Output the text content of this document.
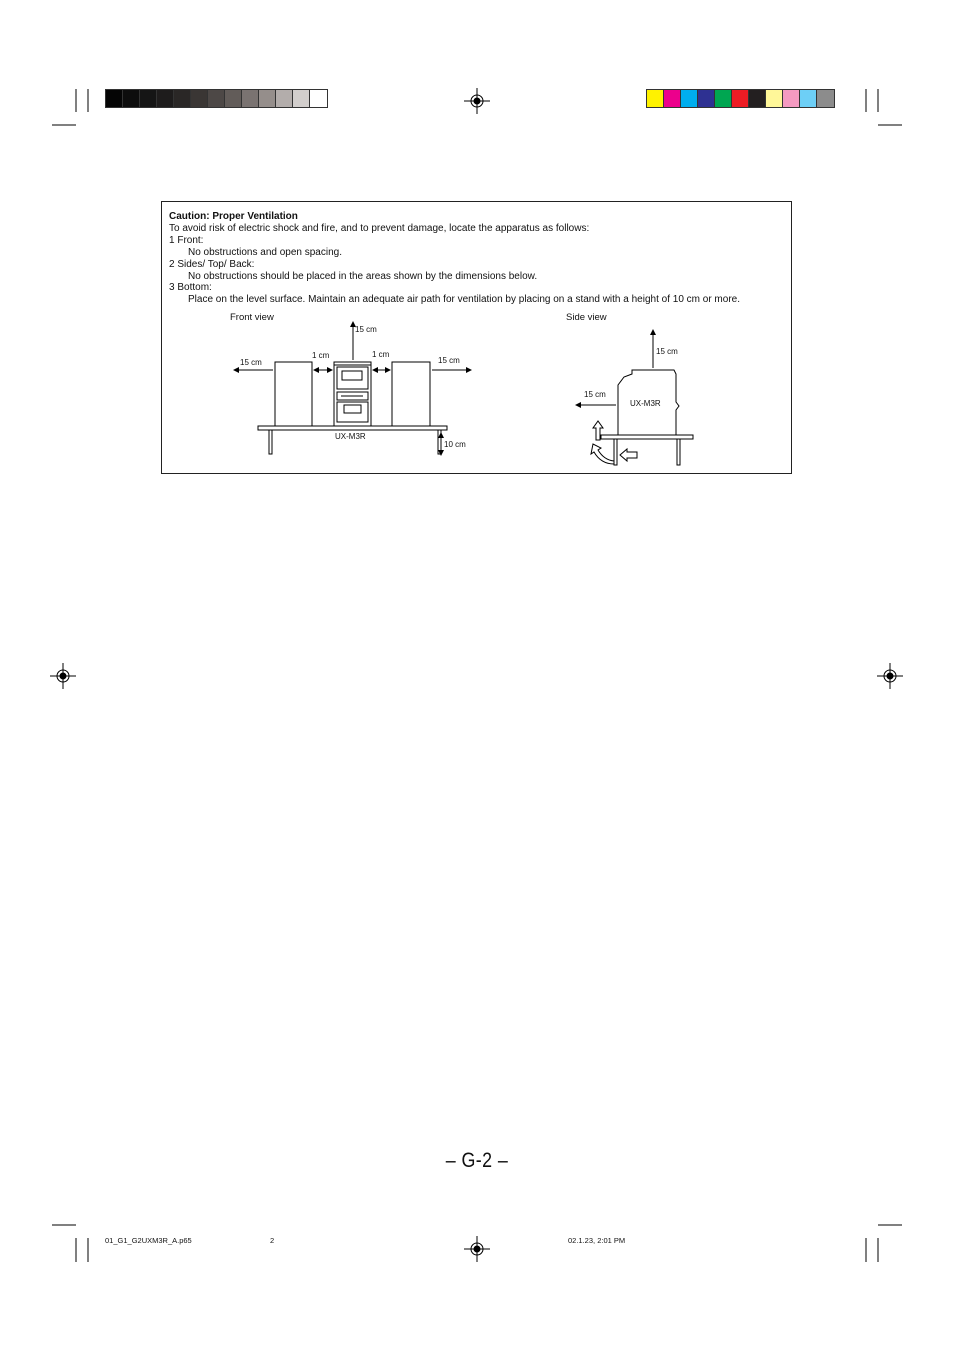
Caution: Proper Ventilation
To avoid risk of electric shock and fire, and to prevent damage, locate the apparatus as follows:
1 Front:
No obstructions and open spacing.
2 Sides/ Top/ Back:
No obstructions should be placed in the areas shown by the dimensions below.
3 Bottom:
Place on the level surface. Maintain an adequate air path for ventilation by placing on a stand with a height of 10 cm or more.
Front view
15 cm
15 cm	15 cm
1 cm	1 cm
10 cm
UX-M3R
Side view
15 cm
15 cm
UX-M3R
– G-2 –
01_G1_G2UXM3R_A.p65	2	02.1.23, 2:01 PM
